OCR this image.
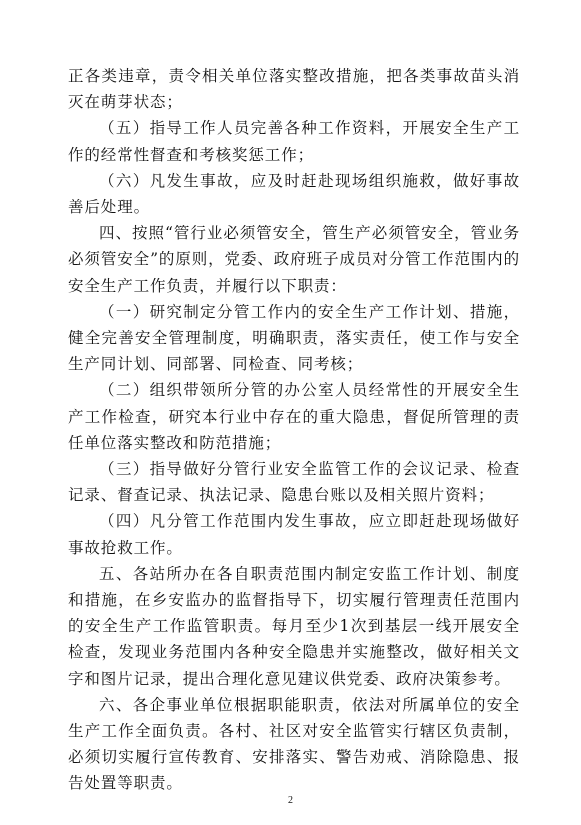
正各类违章，责令相关单位落实整改措施，把各类事故苗头消灭在萌芽状态；

（五）指导工作人员完善各种工作资料，开展安全生产工作的经常性督查和考核奖惩工作；

（六）凡发生事故，应及时赶赴现场组织施救，做好事故善后处理。

四、按照“管行业必须管安全，管生产必须管安全，管业务必须管安全”的原则，党委、政府班子成员对分管工作范围内的安全生产工作负责，并履行以下职责：

（一）研究制定分管工作内的安全生产工作计划、措施，健全完善安全管理制度，明确职责，落实责任，使工作与安全生产同计划、同部署、同检查、同考核；

（二）组织带领所分管的办公室人员经常性的开展安全生产工作检查，研究本行业中存在的重大隐患，督促所管理的责任单位落实整改和防范措施；

（三）指导做好分管行业安全监管工作的会议记录、检查记录、督查记录、执法记录、隐患台账以及相关照片资料；

（四）凡分管工作范围内发生事故，应立即赶赴现场做好事故抢救工作。

五、各站所办在各自职责范围内制定安监工作计划、制度和措施，在乡安监办的监督指导下，切实履行管理责任范围内的安全生产工作监管职责。每月至少1次到基层一线开展安全检查，发现业务范围内各种安全隐患并实施整改，做好相关文字和图片记录，提出合理化意见建议供党委、政府决策参考。

六、各企事业单位根据职能职责，依法对所属单位的安全生产工作全面负责。各村、社区对安全监管实行辖区负责制，必须切实履行宣传教育、安排落实、警告劝戒、消除隐患、报告处置等职责。

2
